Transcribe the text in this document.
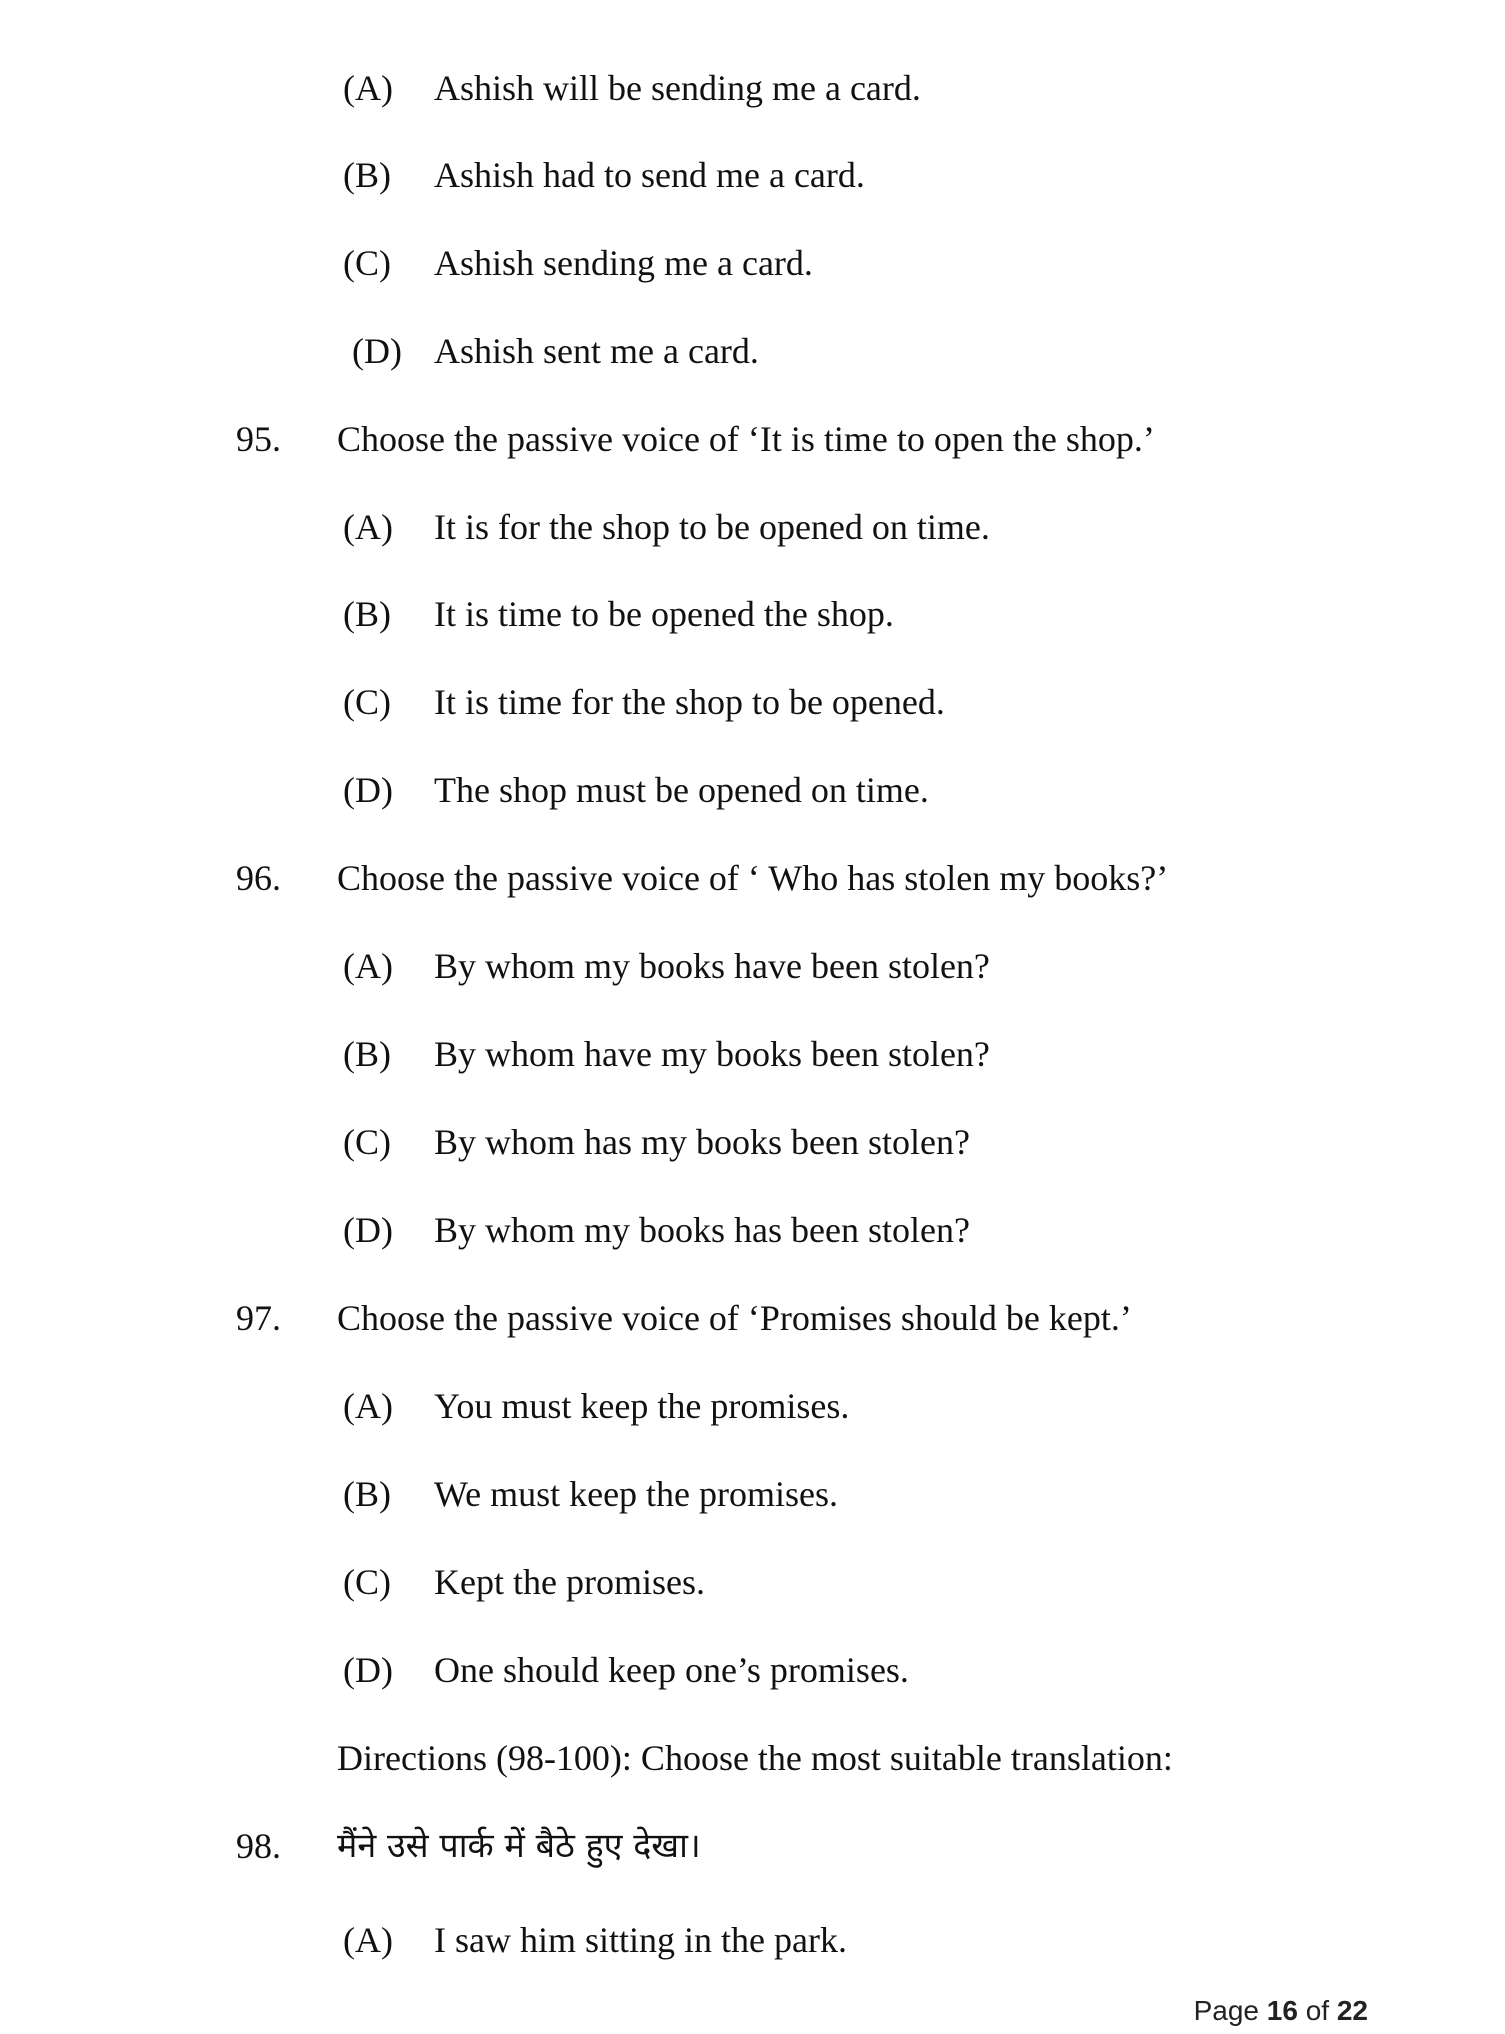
(A)	Ashish will be sending me a card.
(B)	Ashish had to send me a card.
(C)	Ashish sending me a card.
(D) Ashish sent me a card.
95. Choose the passive voice of ‘It is time to open the shop.’
(A)	It is for the shop to be opened on time.
(B)	It is time to be opened the shop.
(C)	It is time for the shop to be opened.
(D)	The shop must be opened on time.
96. Choose the passive voice of ‘ Who has stolen my books?’
(A)	By whom my books have been stolen?
(B)	By whom have my books been stolen?
(C)	By whom has my books been stolen?
(D)	By whom my books has been stolen?
97. Choose the passive voice of ‘Promises should be kept.’
(A)	You must keep the promises.
(B)	We must keep the promises.
(C)	Kept the promises.
(D)	One should keep one’s promises.
Directions (98-100): Choose the most suitable translation:
98. मैंने उसे पार्क में बैठे हुए देखा।
(A)	I saw him sitting in the park.
Page 16 of 22
